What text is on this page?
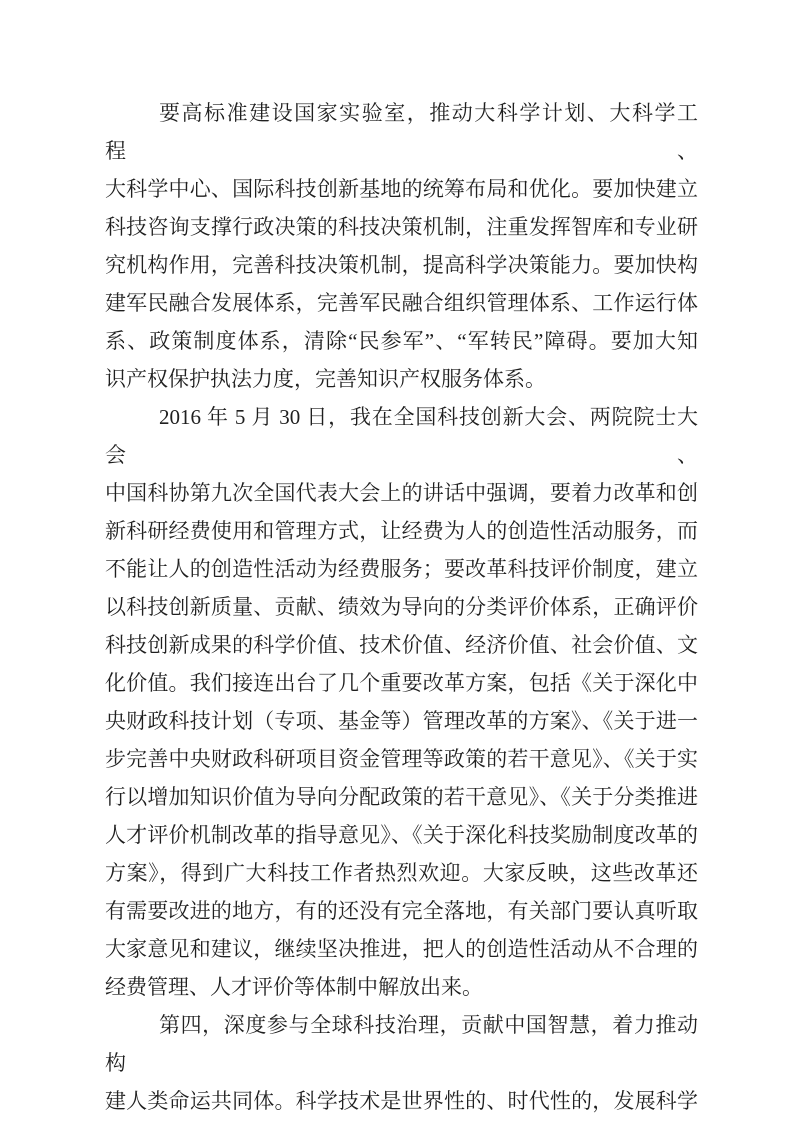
要高标准建设国家实验室，推动大科学计划、大科学工程、
大科学中心、国际科技创新基地的统筹布局和优化。要加快建立
科技咨询支撑行政决策的科技决策机制，注重发挥智库和专业研
究机构作用，完善科技决策机制，提高科学决策能力。要加快构
建军民融合发展体系，完善军民融合组织管理体系、工作运行体
系、政策制度体系，清除“民参军”、“军转民”障碍。要加大知
识产权保护执法力度，完善知识产权服务体系。
2016 年 5 月 30 日，我在全国科技创新大会、两院院士大会、
中国科协第九次全国代表大会上的讲话中强调，要着力改革和创
新科研经费使用和管理方式，让经费为人的创造性活动服务，而
不能让人的创造性活动为经费服务；要改革科技评价制度，建立
以科技创新质量、贡献、绩效为导向的分类评价体系，正确评价
科技创新成果的科学价值、技术价值、经济价值、社会价值、文
化价值。我们接连出台了几个重要改革方案，包括《关于深化中
央财政科技计划（专项、基金等）管理改革的方案》、《关于进一
步完善中央财政科研项目资金管理等政策的若干意见》、《关于实
行以增加知识价值为导向分配政策的若干意见》、《关于分类推进
人才评价机制改革的指导意见》、《关于深化科技奖励制度改革的
方案》，得到广大科技工作者热烈欢迎。大家反映，这些改革还
有需要改进的地方，有的还没有完全落地，有关部门要认真听取
大家意见和建议，继续坚决推进，把人的创造性活动从不合理的
经费管理、人才评价等体制中解放出来。
第四，深度参与全球科技治理，贡献中国智慧，着力推动构
建人类命运共同体。科学技术是世界性的、时代性的，发展科学
